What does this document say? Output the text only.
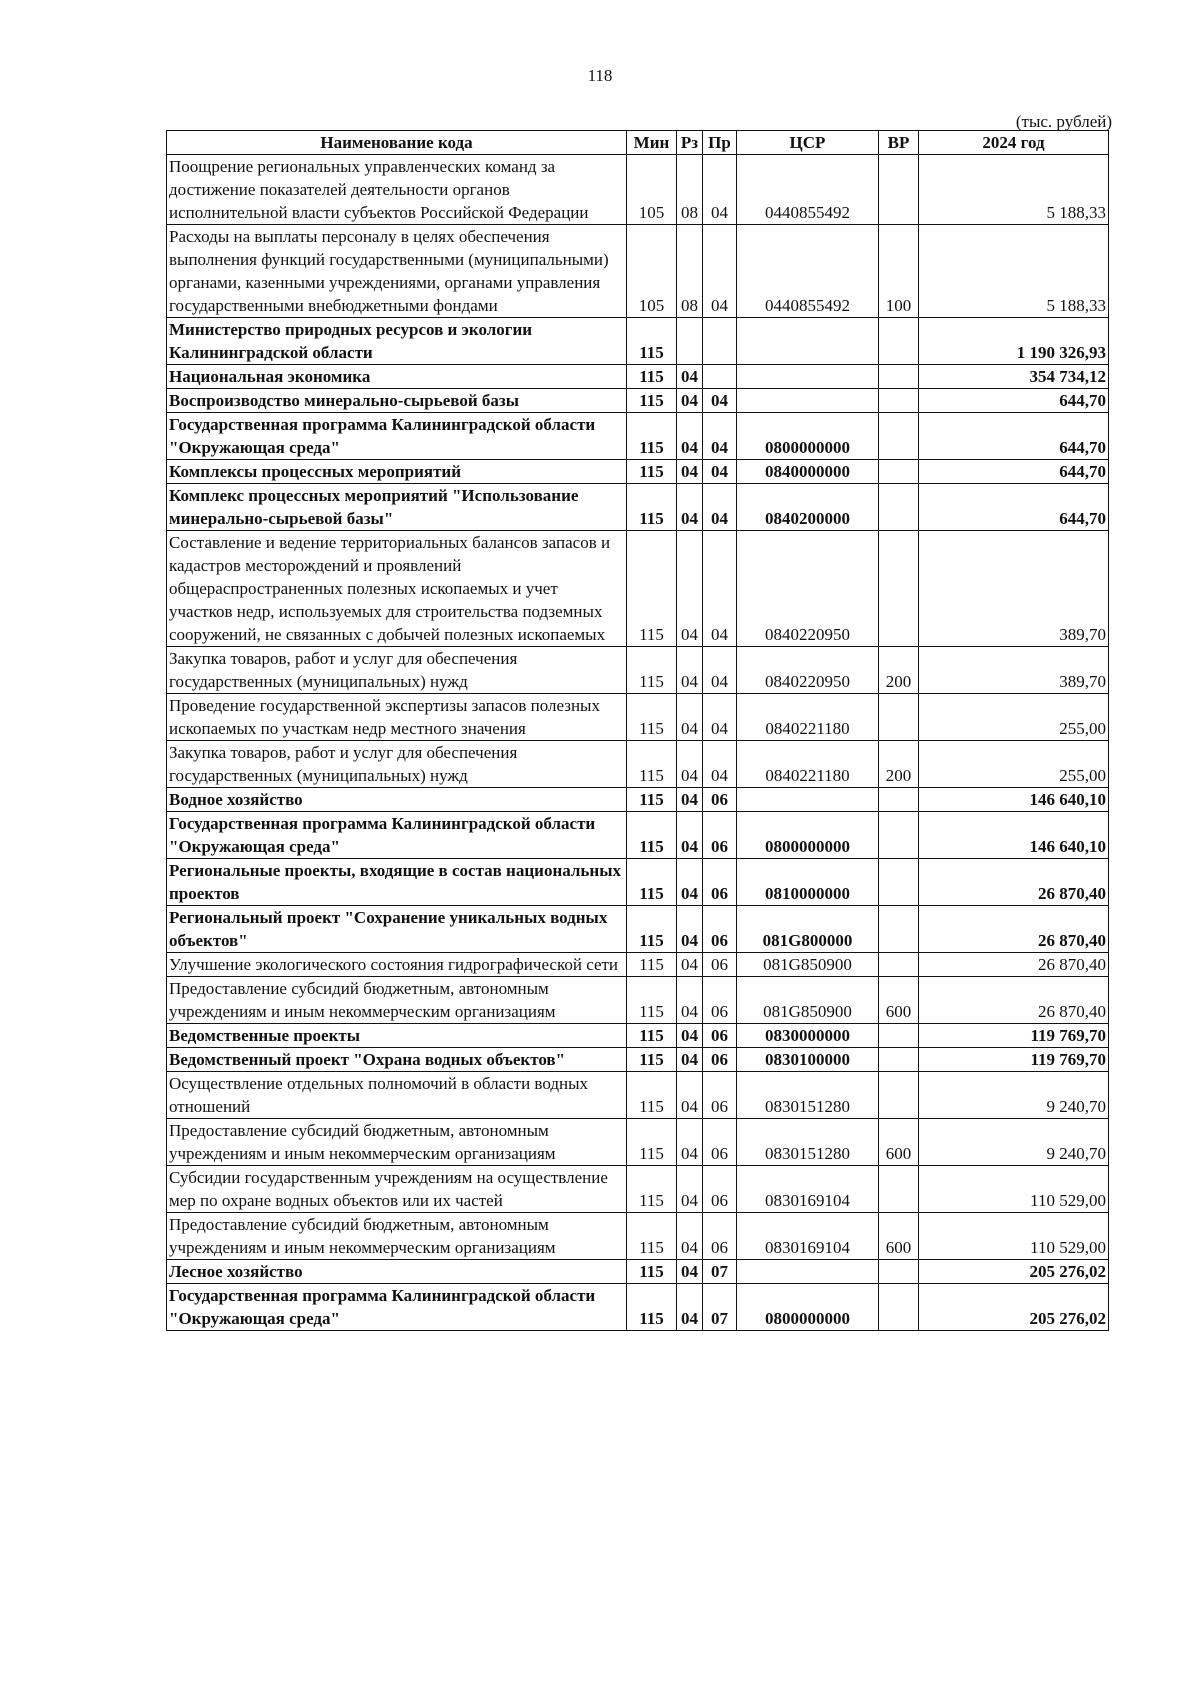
118
(тыс. рублей)
Наименование кода	Мин	Рз	Пр	ЦСР	ВР	2024 год
Поощрение региональных управленческих команд за достижение показателей деятельности органов исполнительной власти субъектов Российской Федерации	105	08	04	0440855492		5 188,33
Расходы на выплаты персоналу в целях обеспечения выполнения функций государственными (муниципальными) органами, казенными учреждениями, органами управления государственными внебюджетными фондами	105	08	04	0440855492	100	5 188,33
Министерство природных ресурсов и экологии Калининградской области	115					1 190 326,93
Национальная экономика	115	04				354 734,12
Воспроизводство минерально-сырьевой базы	115	04	04			644,70
Государственная программа Калининградской области "Окружающая среда"	115	04	04	0800000000		644,70
Комплексы процессных мероприятий	115	04	04	0840000000		644,70
Комплекс процессных мероприятий "Использование минерально-сырьевой базы"	115	04	04	0840200000		644,70
Составление и ведение территориальных балансов запасов и кадастров месторождений и проявлений общераспространенных полезных ископаемых и учет участков недр, используемых для строительства подземных сооружений, не связанных с добычей полезных ископаемых	115	04	04	0840220950		389,70
Закупка товаров, работ и услуг для обеспечения государственных (муниципальных) нужд	115	04	04	0840220950	200	389,70
Проведение государственной экспертизы запасов полезных ископаемых по участкам недр местного значения	115	04	04	0840221180		255,00
Закупка товаров, работ и услуг для обеспечения государственных (муниципальных) нужд	115	04	04	0840221180	200	255,00
Водное хозяйство	115	04	06			146 640,10
Государственная программа Калининградской области "Окружающая среда"	115	04	06	0800000000		146 640,10
Региональные проекты, входящие в состав национальных проектов	115	04	06	0810000000		26 870,40
Региональный проект "Сохранение уникальных водных объектов"	115	04	06	081G800000		26 870,40
Улучшение экологического состояния гидрографической сети	115	04	06	081G850900		26 870,40
Предоставление субсидий бюджетным, автономным учреждениям и иным некоммерческим организациям	115	04	06	081G850900	600	26 870,40
Ведомственные проекты	115	04	06	0830000000		119 769,70
Ведомственный проект "Охрана водных объектов"	115	04	06	0830100000		119 769,70
Осуществление отдельных полномочий в области водных отношений	115	04	06	0830151280		9 240,70
Предоставление субсидий бюджетным, автономным учреждениям и иным некоммерческим организациям	115	04	06	0830151280	600	9 240,70
Субсидии государственным учреждениям на осуществление мер по охране водных объектов или их частей	115	04	06	0830169104		110 529,00
Предоставление субсидий бюджетным, автономным учреждениям и иным некоммерческим организациям	115	04	06	0830169104	600	110 529,00
Лесное хозяйство	115	04	07			205 276,02
Государственная программа Калининградской области "Окружающая среда"	115	04	07	0800000000		205 276,02
